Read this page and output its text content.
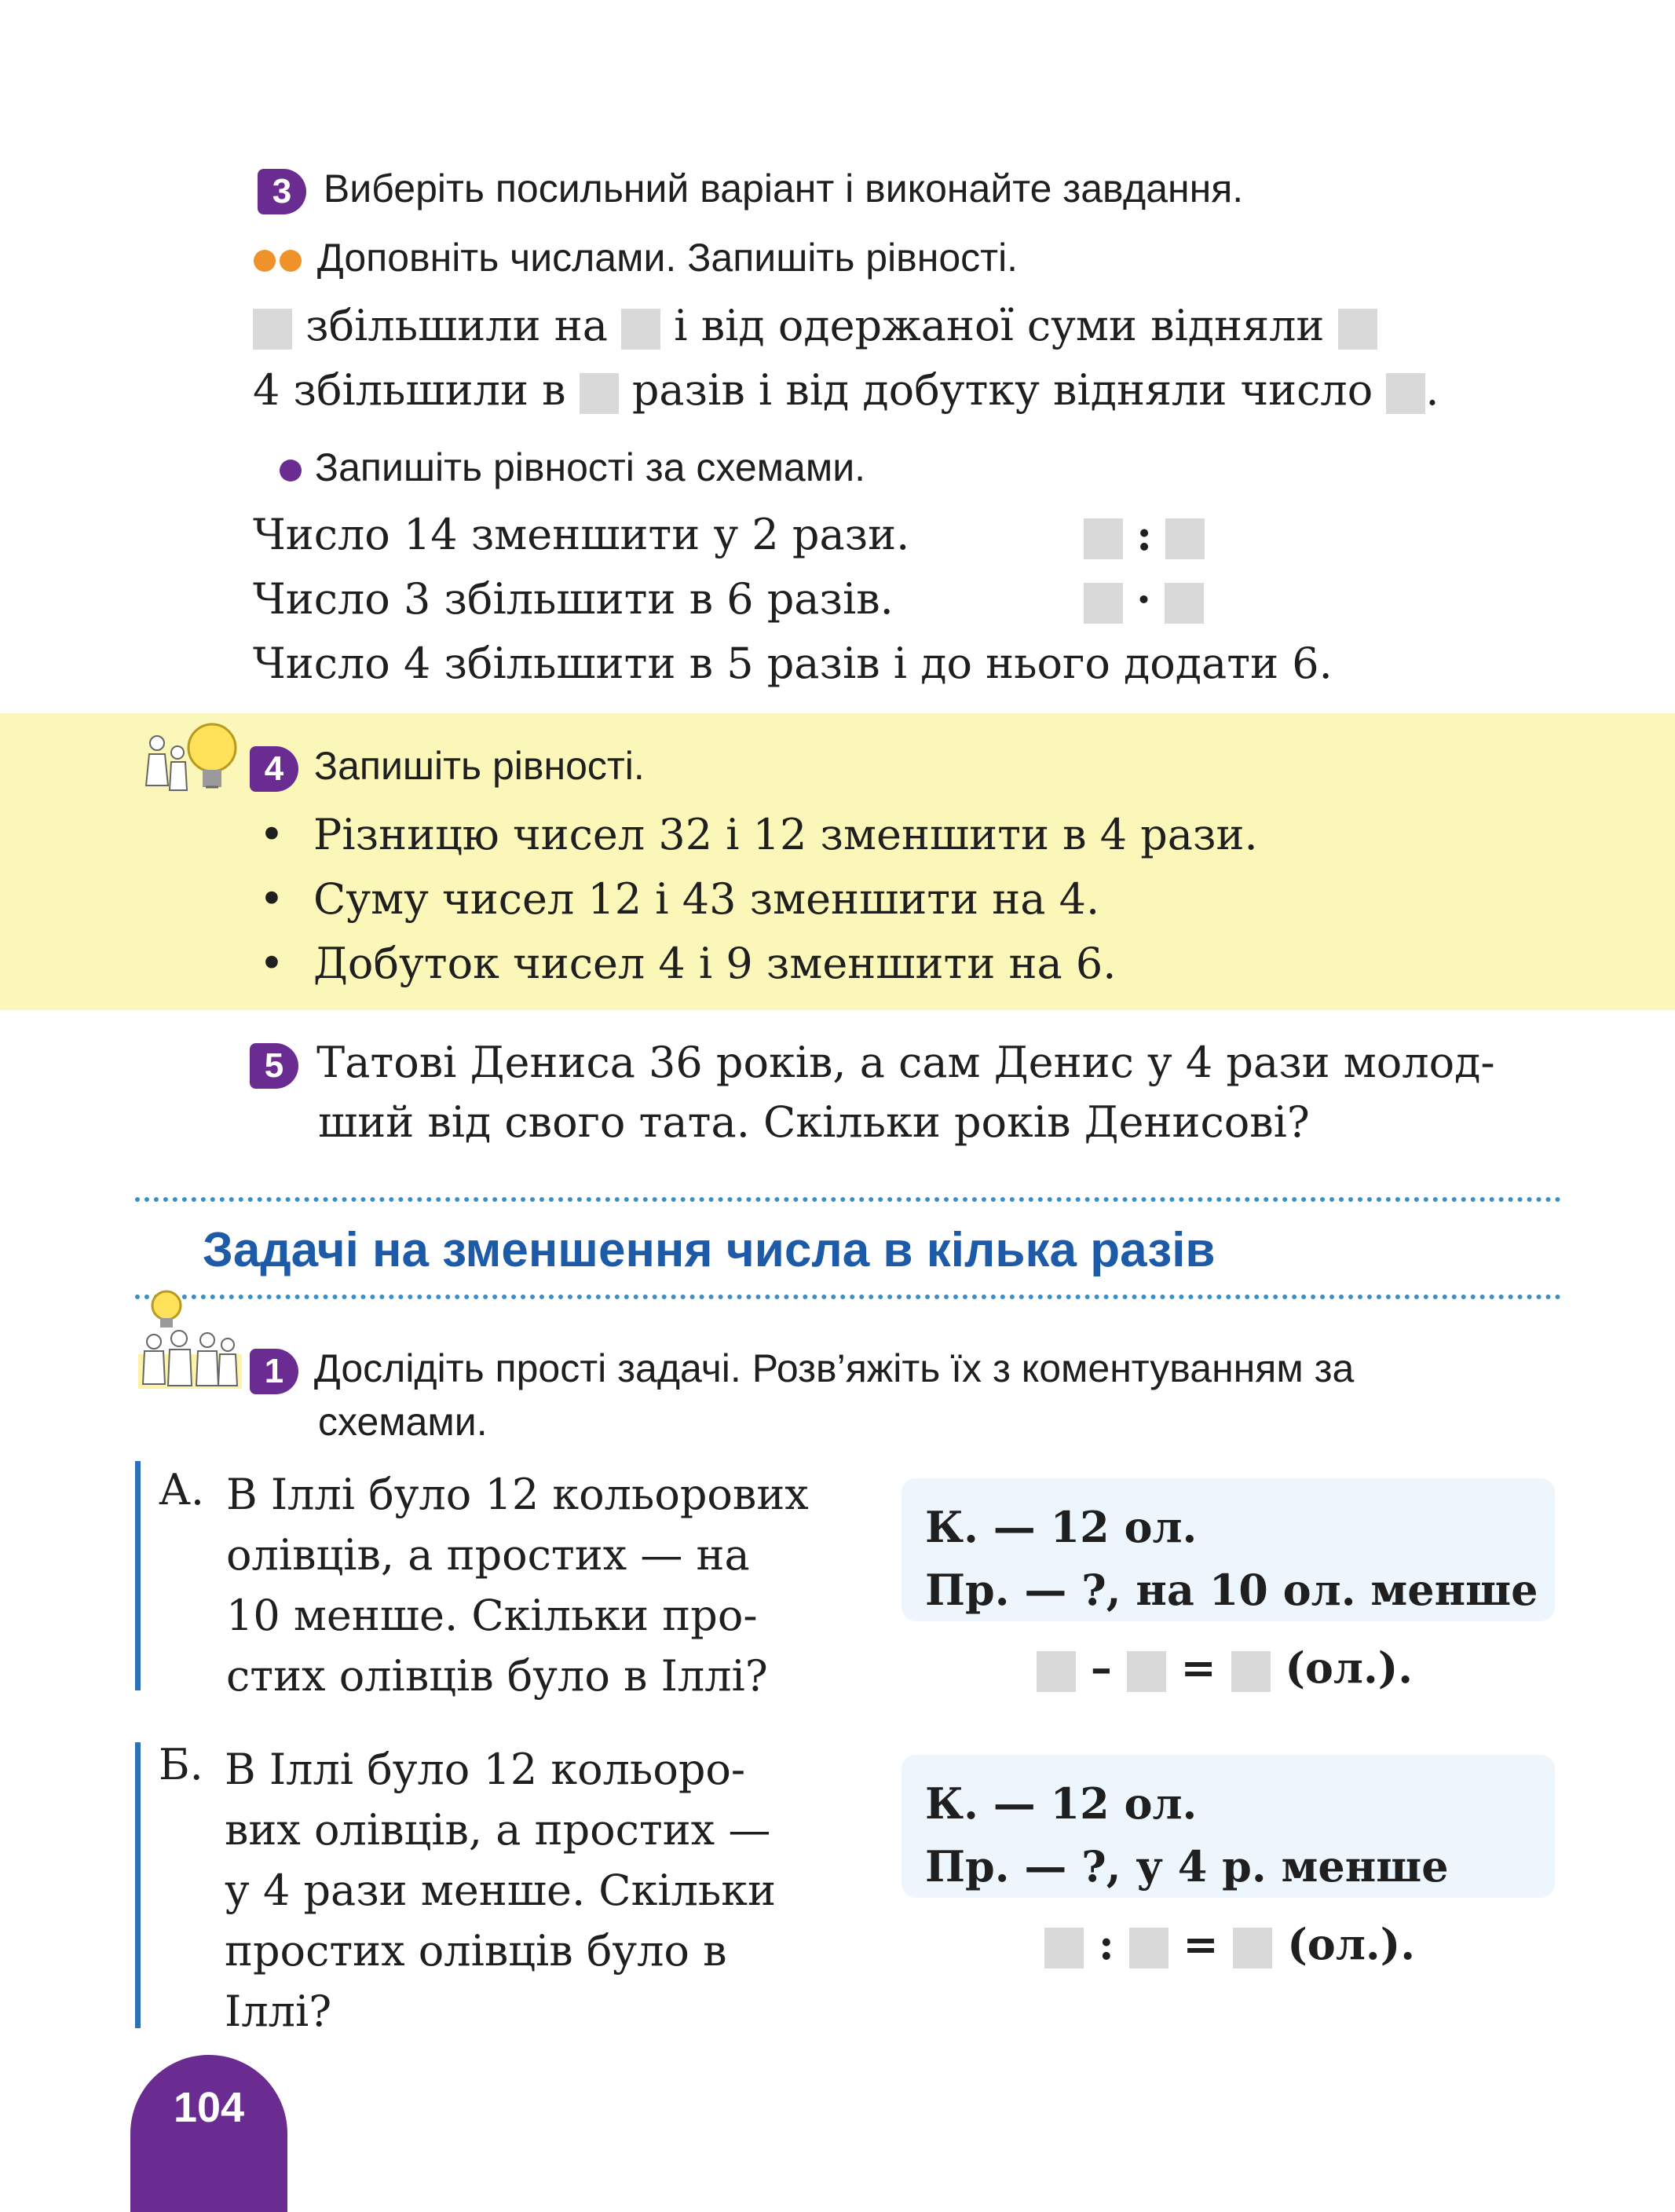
3 Виберіть посильний варіант і виконайте завдання.
Доповніть числами. Запишіть рівності.
збільшили на і від одержаної суми відняли
4 збільшили в разів і від добутку відняли число .
Запишіть рівності за схемами.
Число 14 зменшити у 2 рази.	:
Число 3 збільшити в 6 разів.	·
Число 4 збільшити в 5 разів і до нього додати 6.
4 Запишіть рівності.
• Різницю чисел 32 і 12 зменшити в 4 рази.
• Суму чисел 12 і 43 зменшити на 4.
• Добуток чисел 4 і 9 зменшити на 6.
5 Татові Дениса 36 років, а сам Денис у 4 рази молод-
ший від свого тата. Скільки років Денисові?
Задачі на зменшення числа в кілька разів
1 Дослідіть прості задачі. Розв’яжіть їх з коментуванням за
схемами.
А. В Іллі було 12 кольорових
олівців, а простих — на
10 менше. Скільки про-
стих олівців було в Іллі?
К. — 12 ол.
Пр. — ?, на 10 ол. менше
– = (ол.).
Б. В Іллі було 12 кольоро-
вих олівців, а простих —
у 4 рази менше. Скільки
простих олівців було в
Іллі?
К. — 12 ол.
Пр. — ?, у 4 р. менше
: = (ол.).
104
